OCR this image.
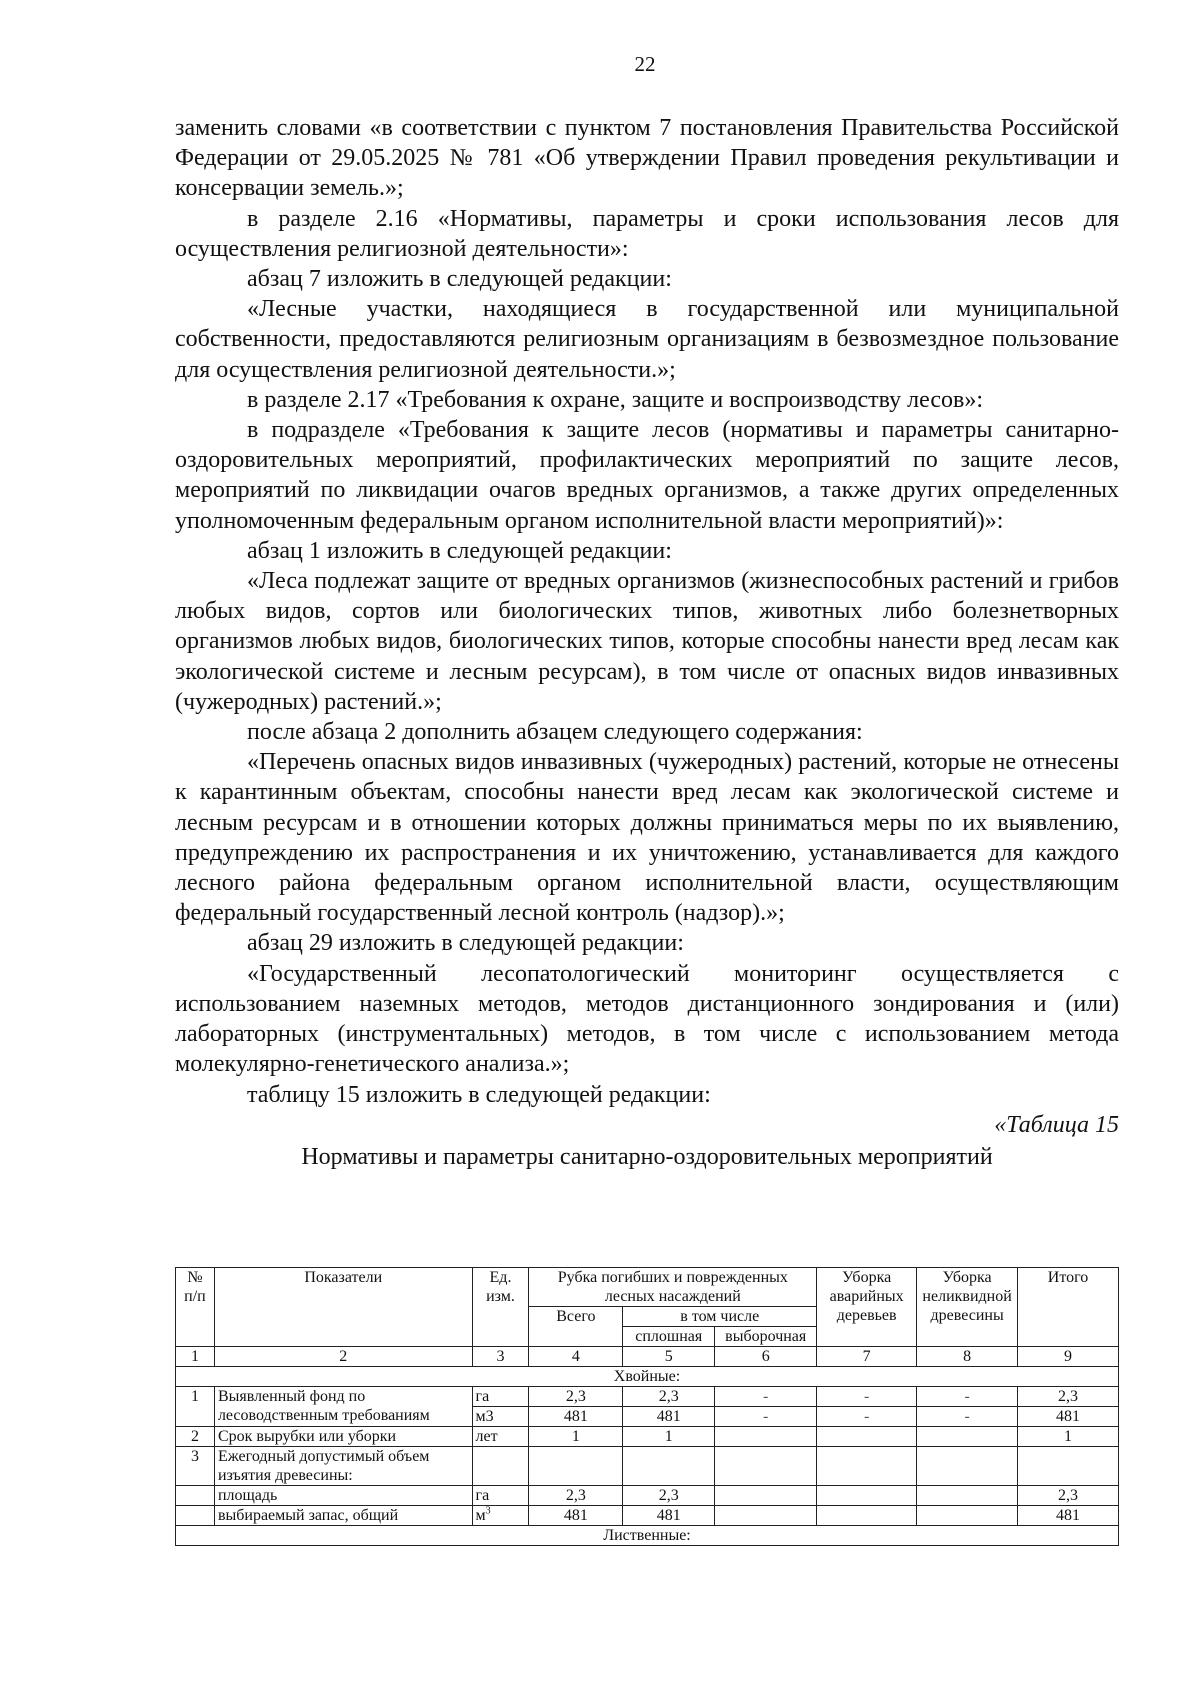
22

заменить словами «в соответствии с пунктом 7 постановления Правительства Российской Федерации от 29.05.2025 № 781 «Об утверждении Правил проведения рекультивации и консервации земель.»;

в разделе 2.16 «Нормативы, параметры и сроки использования лесов для осуществления религиозной деятельности»:

абзац 7 изложить в следующей редакции:

«Лесные участки, находящиеся в государственной или муниципальной собственности, предоставляются религиозным организациям в безвозмездное пользование для осуществления религиозной деятельности.»;

в разделе 2.17 «Требования к охране, защите и воспроизводству лесов»:

в подразделе «Требования к защите лесов (нормативы и параметры санитарно-оздоровительных мероприятий, профилактических мероприятий по защите лесов, мероприятий по ликвидации очагов вредных организмов, а также других определенных уполномоченным федеральным органом исполнительной власти мероприятий)»:

абзац 1 изложить в следующей редакции:

«Леса подлежат защите от вредных организмов (жизнеспособных растений и грибов любых видов, сортов или биологических типов, животных либо болезнетворных организмов любых видов, биологических типов, которые способны нанести вред лесам как экологической системе и лесным ресурсам), в том числе от опасных видов инвазивных (чужеродных) растений.»;

после абзаца 2 дополнить абзацем следующего содержания:

«Перечень опасных видов инвазивных (чужеродных) растений, которые не отнесены к карантинным объектам, способны нанести вред лесам как экологической системе и лесным ресурсам и в отношении которых должны приниматься меры по их выявлению, предупреждению их распространения и их уничтожению, устанавливается для каждого лесного района федеральным органом исполнительной власти, осуществляющим федеральный государственный лесной контроль (надзор).»;

абзац 29 изложить в следующей редакции:

«Государственный лесопатологический мониторинг осуществляется с использованием наземных методов, методов дистанционного зондирования и (или) лабораторных (инструментальных) методов, в том числе с использованием метода молекулярно-генетического анализа.»;

таблицу 15 изложить в следующей редакции:

«Таблица 15

Нормативы и параметры санитарно-оздоровительных мероприятий

№ п/п	Показатели	Ед. изм.	Рубка погибших и поврежденных лесных насаждений			Уборка аварийных деревьев	Уборка неликвидной древесины	Итого
			Всего	в том числе				
				сплошная	выборочная			
1	2	3	4	5	6	7	8	9
Хвойные:								
1	Выявленный фонд по лесоводственным требованиям	га	2,3	2,3	-	-	-	2,3
		м3	481	481	-	-	-	481
2	Срок вырубки или уборки	лет	1	1				1
3	Ежегодный допустимый объем изъятия древесины:							
	площадь	га	2,3	2,3				2,3
	выбираемый запас, общий	$м^3$	481	481				481
Лиственные:								
